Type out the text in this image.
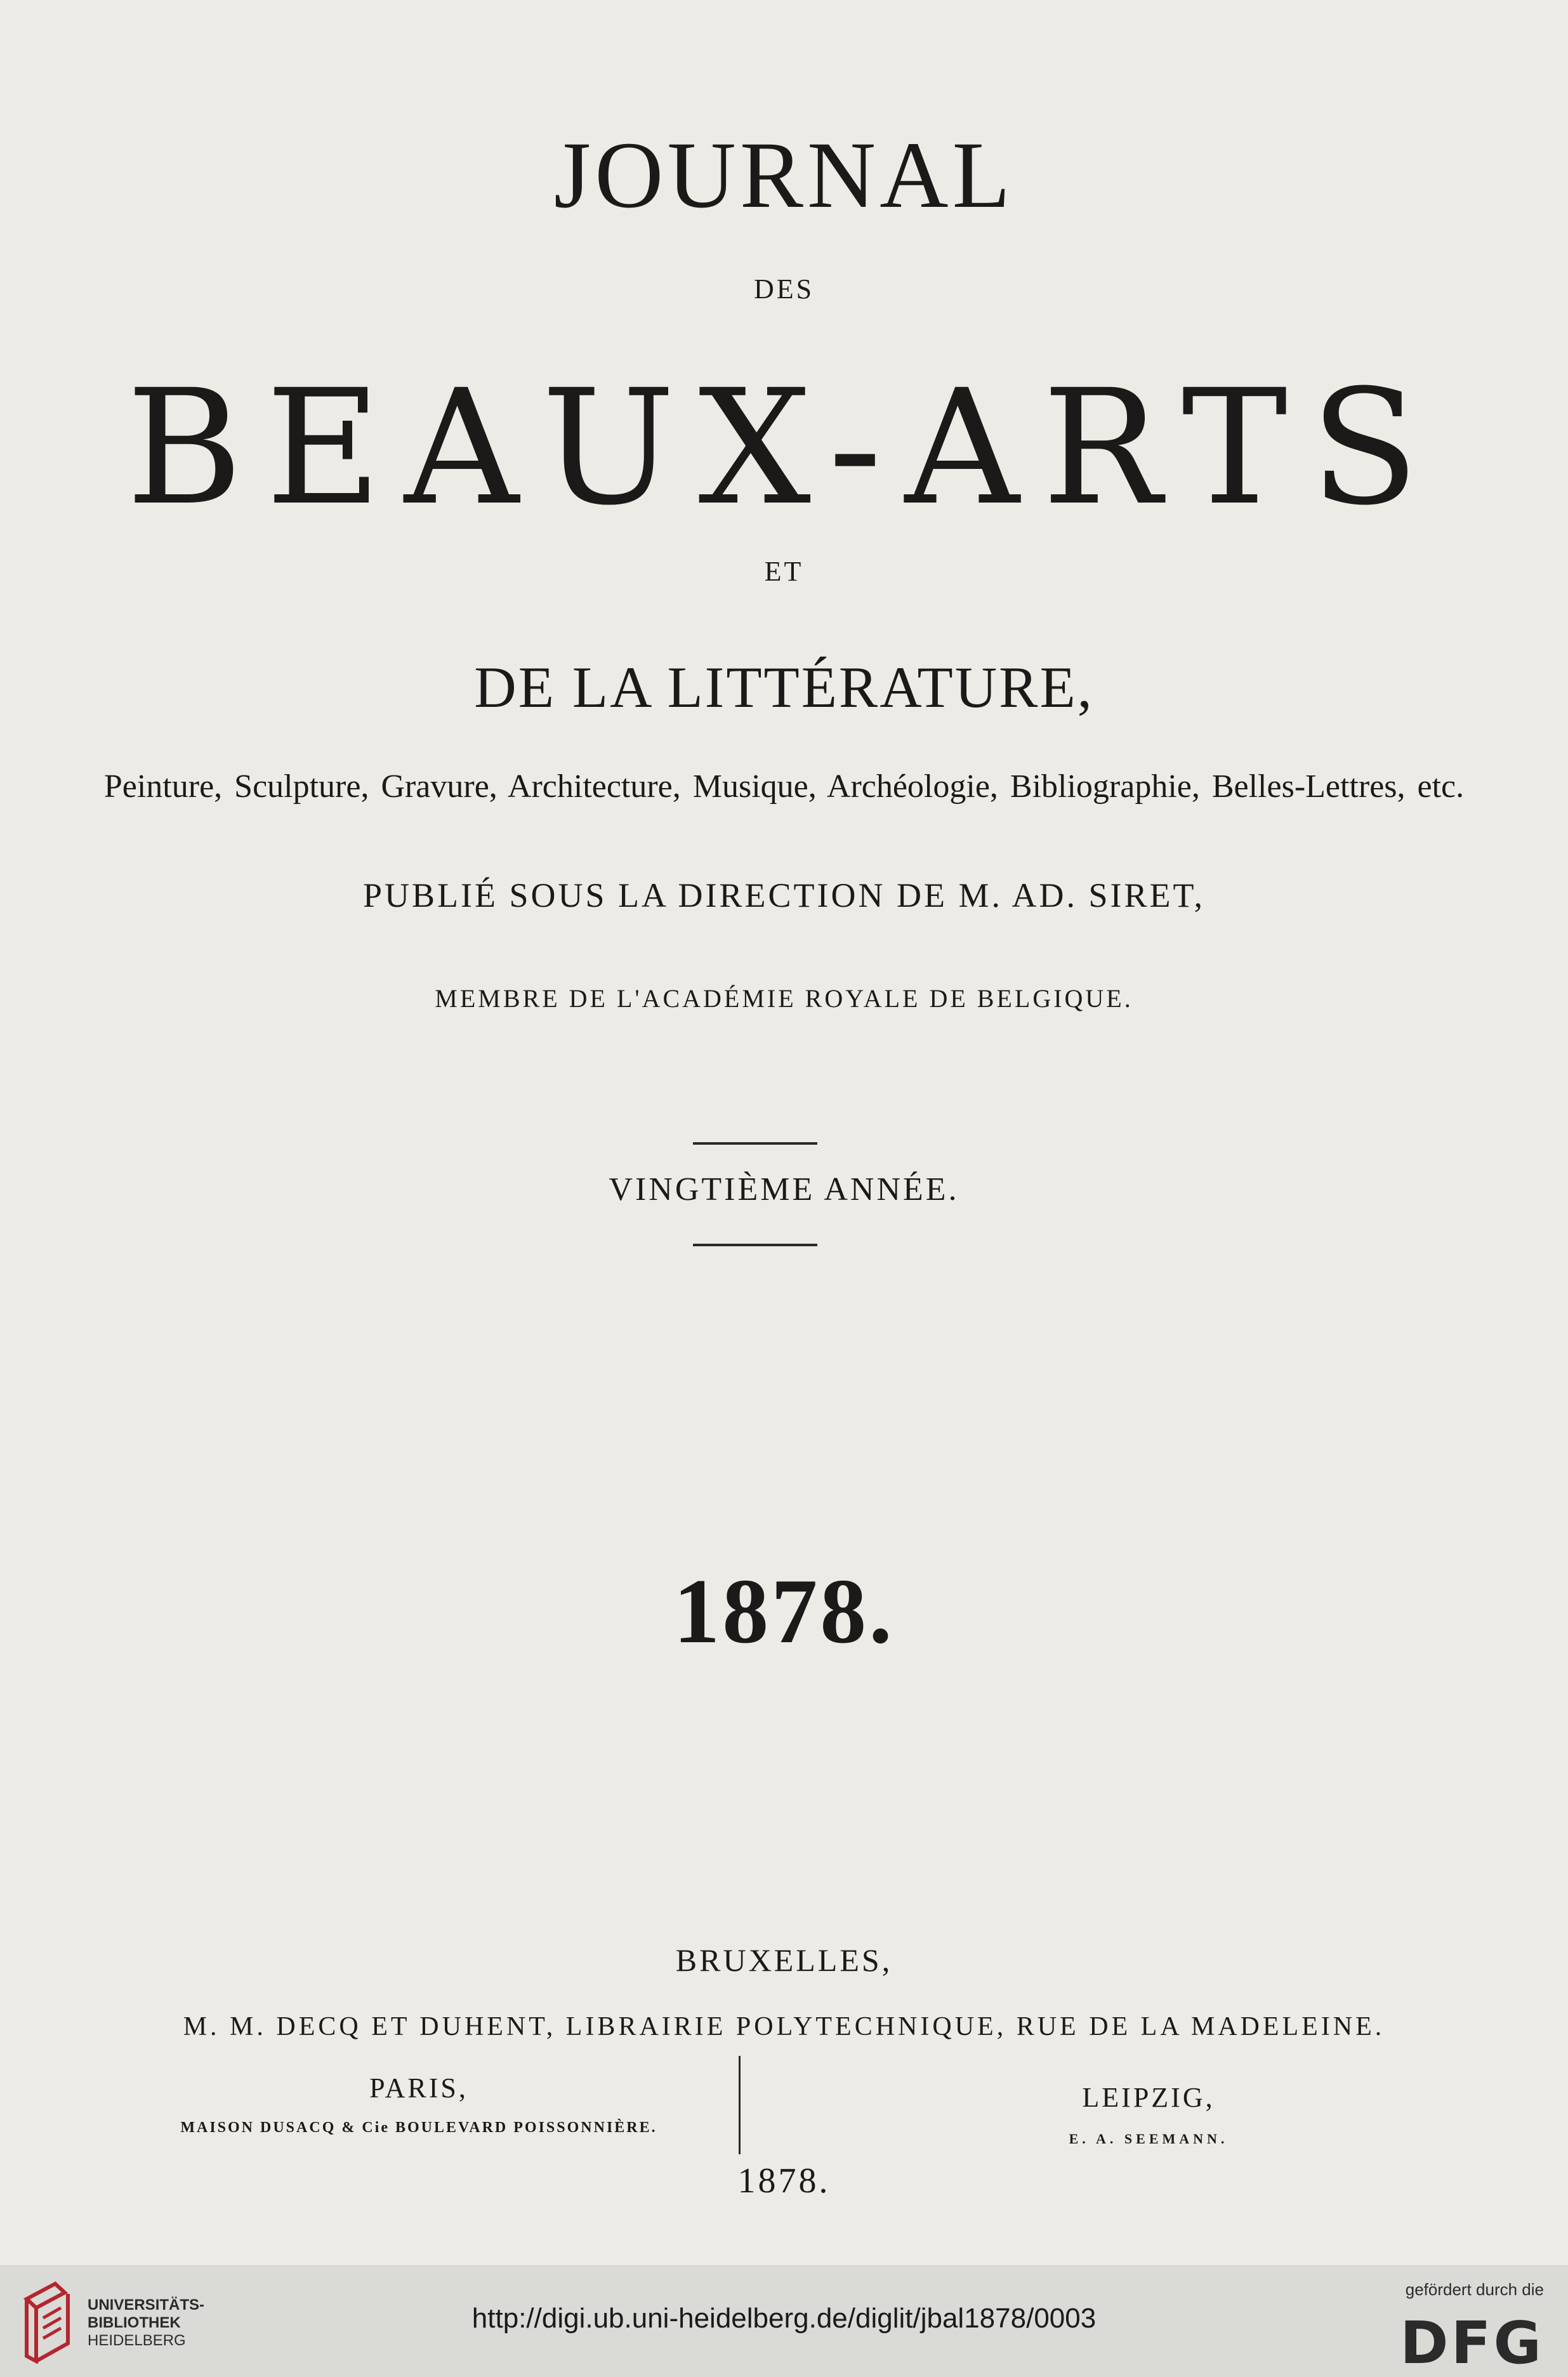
JOURNAL
DES
BEAUX-ARTS
ET
DE LA LITTÉRATURE,
Peinture, Sculpture, Gravure, Architecture, Musique, Archéologie, Bibliographie, Belles-Lettres, etc.
PUBLIÉ SOUS LA DIRECTION DE M. AD. SIRET,
MEMBRE DE L'ACADÉMIE ROYALE DE BELGIQUE.
VINGTIÈME ANNÉE.
1878.
BRUXELLES,
M. M. DECQ ET DUHENT, LIBRAIRIE POLYTECHNIQUE, RUE DE LA MADELEINE.
PARIS,
MAISON DUSACQ & Cie BOULEVARD POISSONNIÈRE.
LEIPZIG,
E. A. SEEMANN.
1878.
UNIVERSITÄTS-
BIBLIOTHEK
HEIDELBERG
http://digi.ub.uni-heidelberg.de/diglit/jbal1878/0003
gefördert durch die
DFG
